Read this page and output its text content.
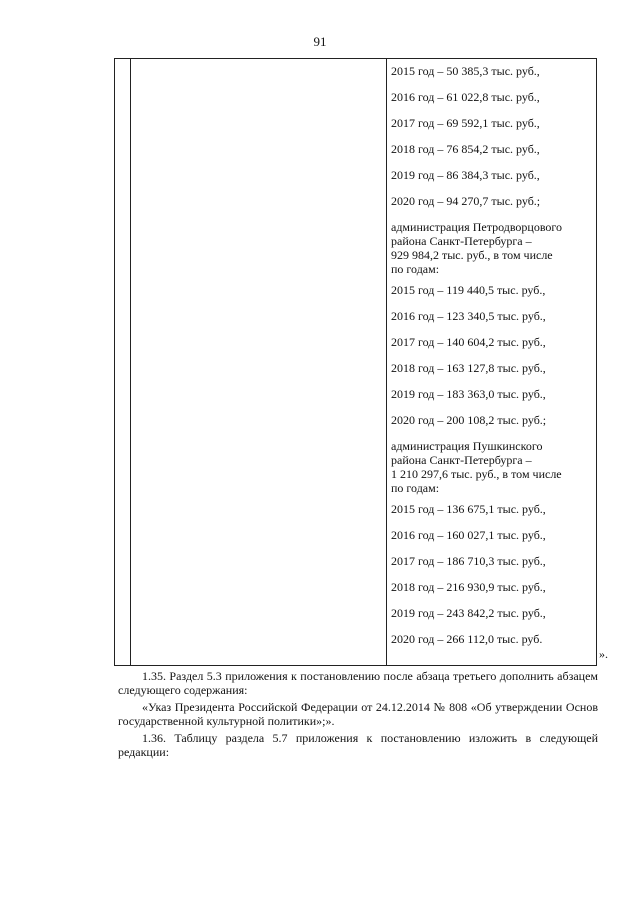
91

2015 год – 50 385,3 тыс. руб.,
2016 год – 61 022,8 тыс. руб.,
2017 год – 69 592,1 тыс. руб.,
2018 год – 76 854,2 тыс. руб.,
2019 год – 86 384,3 тыс. руб.,
2020 год – 94 270,7 тыс. руб.;
администрация Петродворцового
района Санкт-Петербурга –
929 984,2 тыс. руб., в том числе
по годам:
2015 год – 119 440,5 тыс. руб.,
2016 год – 123 340,5 тыс. руб.,
2017 год – 140 604,2 тыс. руб.,
2018 год – 163 127,8 тыс. руб.,
2019 год – 183 363,0 тыс. руб.,
2020 год – 200 108,2 тыс. руб.;
администрация Пушкинского
района Санкт-Петербурга –
1 210 297,6 тыс. руб., в том числе
по годам:
2015 год – 136 675,1 тыс. руб.,
2016 год – 160 027,1 тыс. руб.,
2017 год – 186 710,3 тыс. руб.,
2018 год – 216 930,9 тыс. руб.,
2019 год – 243 842,2 тыс. руб.,
2020 год – 266 112,0 тыс. руб.
».
1.35. Раздел 5.3 приложения к постановлению после абзаца третьего дополнить абзацем следующего содержания:
«Указ Президента Российской Федерации от 24.12.2014 № 808 «Об утверждении Основ государственной культурной политики»;».
1.36. Таблицу раздела 5.7 приложения к постановлению изложить в следующей редакции:
